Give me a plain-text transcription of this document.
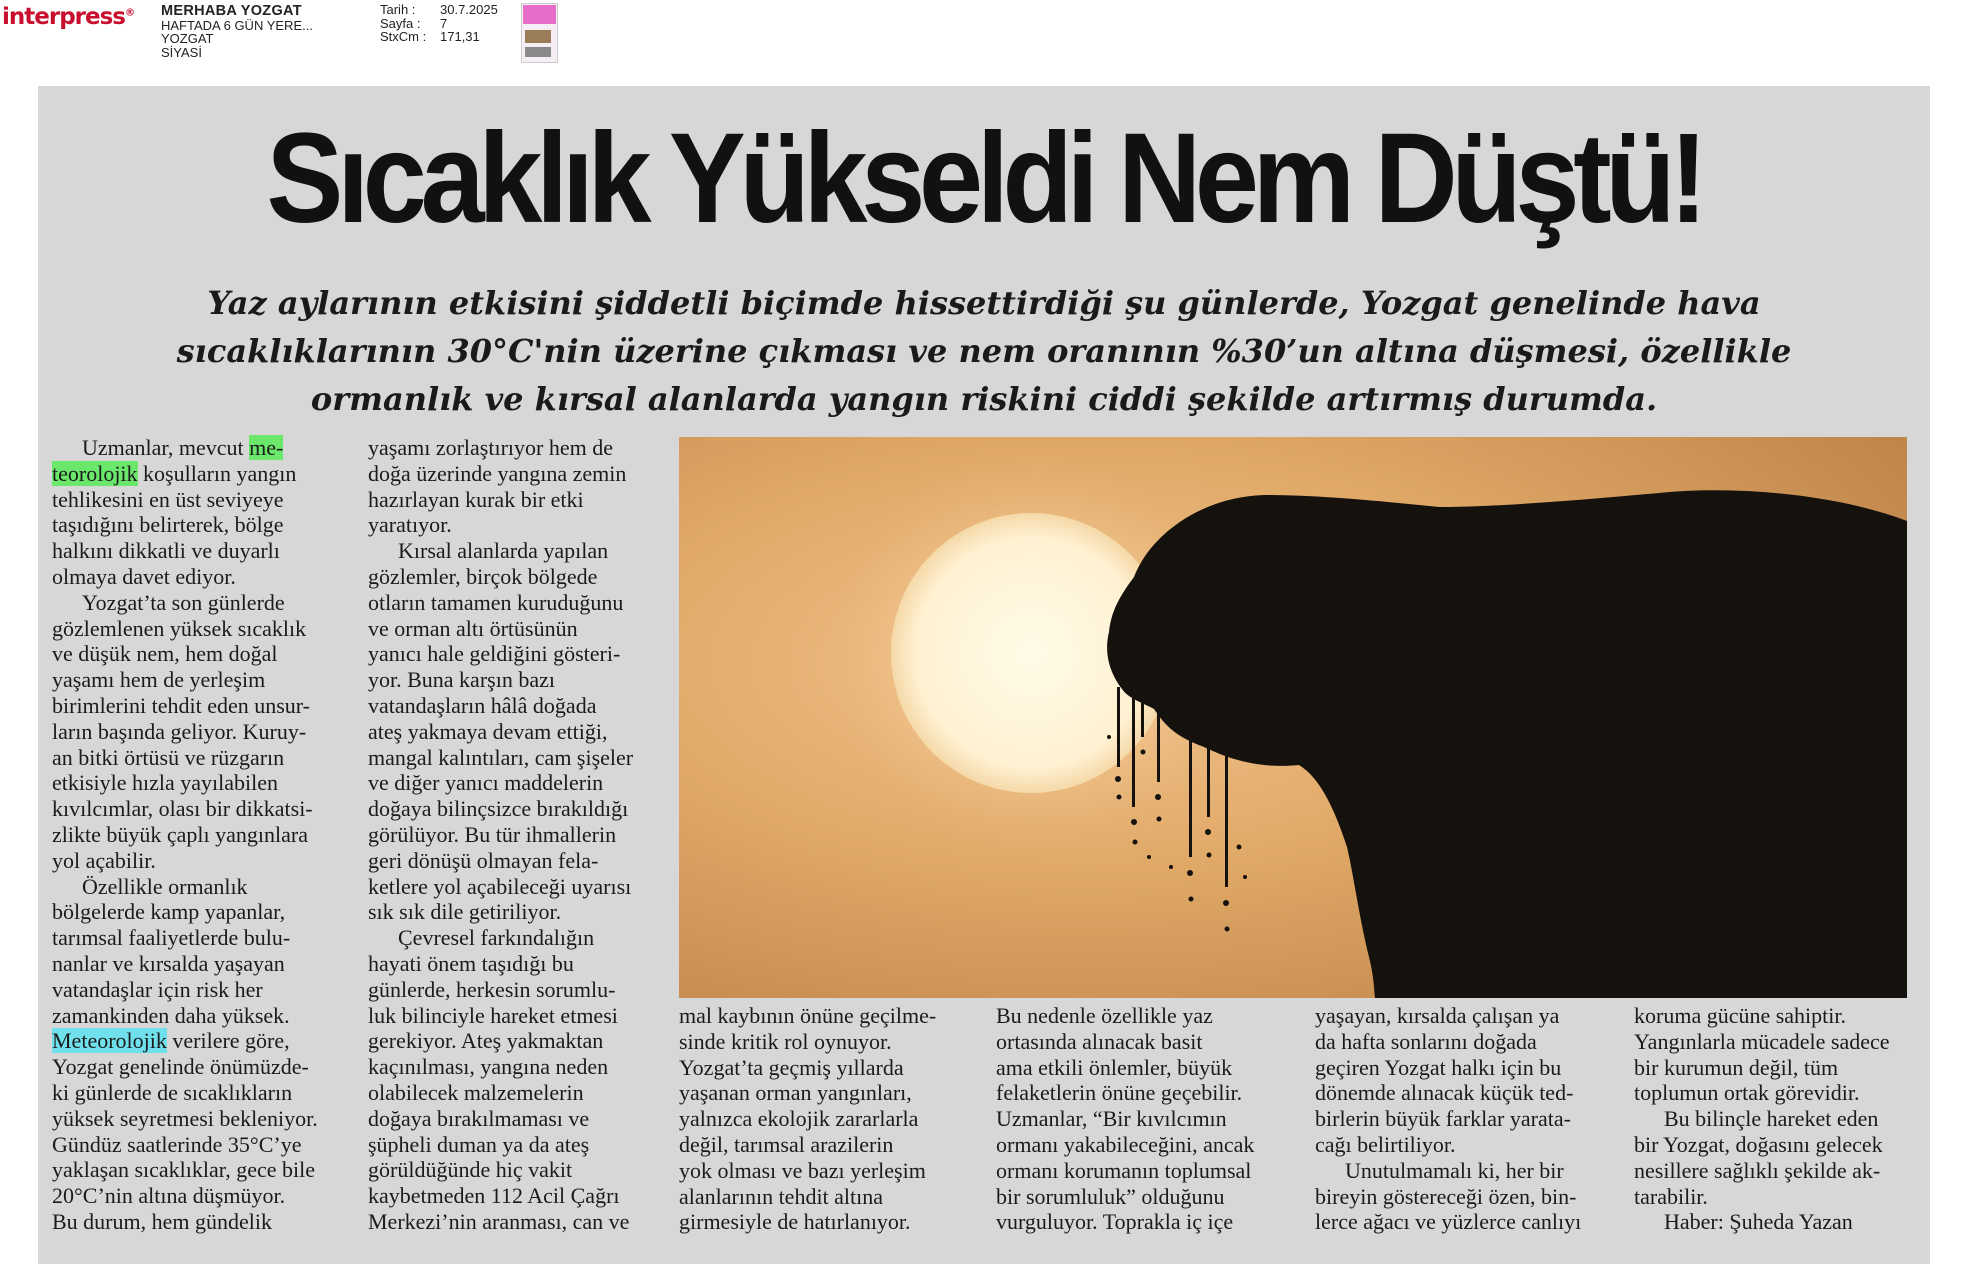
interpress® MERHABA YOZGAT
HAFTADA 6 GÜN YERE...
YOZGAT
SİYASİ
Tarih :	30.7.2025
Sayfa :	7
StxCm :	171,31
Sıcaklık Yükseldi Nem Düştü!
Yaz aylarının etkisini şiddetli biçimde hissettirdiği şu günlerde, Yozgat genelinde hava
sıcaklıklarının 30°C'nin üzerine çıkması ve nem oranının %30’un altına düşmesi, özellikle
ormanlık ve kırsal alanlarda yangın riskini ciddi şekilde artırmış durumda.
Uzmanlar, mevcut me-
teorolojik koşulların yangın
tehlikesini en üst seviyeye
taşıdığını belirterek, bölge
halkını dikkatli ve duyarlı
olmaya davet ediyor.
Yozgat’ta son günlerde
gözlemlenen yüksek sıcaklık
ve düşük nem, hem doğal
yaşamı hem de yerleşim
birimlerini tehdit eden unsur-
ların başında geliyor. Kuruy-
an bitki örtüsü ve rüzgarın
etkisiyle hızla yayılabilen
kıvılcımlar, olası bir dikkatsi-
zlikte büyük çaplı yangınlara
yol açabilir.
Özellikle ormanlık
bölgelerde kamp yapanlar,
tarımsal faaliyetlerde bulu-
nanlar ve kırsalda yaşayan
vatandaşlar için risk her
zamankinden daha yüksek.
Meteorolojik verilere göre,
Yozgat genelinde önümüzde-
ki günlerde de sıcaklıkların
yüksek seyretmesi bekleniyor.
Gündüz saatlerinde 35°C’ye
yaklaşan sıcaklıklar, gece bile
20°C’nin altına düşmüyor.
Bu durum, hem gündelik
yaşamı zorlaştırıyor hem de
doğa üzerinde yangına zemin
hazırlayan kurak bir etki
yaratıyor.
Kırsal alanlarda yapılan
gözlemler, birçok bölgede
otların tamamen kuruduğunu
ve orman altı örtüsünün
yanıcı hale geldiğini gösteri-
yor. Buna karşın bazı
vatandaşların hâlâ doğada
ateş yakmaya devam ettiği,
mangal kalıntıları, cam şişeler
ve diğer yanıcı maddelerin
doğaya bilinçsizce bırakıldığı
görülüyor. Bu tür ihmallerin
geri dönüşü olmayan fela-
ketlere yol açabileceği uyarısı
sık sık dile getiriliyor.
Çevresel farkındalığın
hayati önem taşıdığı bu
günlerde, herkesin sorumlu-
luk bilinciyle hareket etmesi
gerekiyor. Ateş yakmaktan
kaçınılması, yangına neden
olabilecek malzemelerin
doğaya bırakılmaması ve
şüpheli duman ya da ateş
görüldüğünde hiç vakit
kaybetmeden 112 Acil Çağrı
Merkezi’nin aranması, can ve
mal kaybının önüne geçilme-
sinde kritik rol oynuyor.
Yozgat’ta geçmiş yıllarda
yaşanan orman yangınları,
yalnızca ekolojik zararlarla
değil, tarımsal arazilerin
yok olması ve bazı yerleşim
alanlarının tehdit altına
girmesiyle de hatırlanıyor.
Bu nedenle özellikle yaz
ortasında alınacak basit
ama etkili önlemler, büyük
felaketlerin önüne geçebilir.
Uzmanlar, “Bir kıvılcımın
ormanı yakabileceğini, ancak
ormanı korumanın toplumsal
bir sorumluluk” olduğunu
vurguluyor. Toprakla iç içe
yaşayan, kırsalda çalışan ya
da hafta sonlarını doğada
geçiren Yozgat halkı için bu
dönemde alınacak küçük ted-
birlerin büyük farklar yarata-
cağı belirtiliyor.
Unutulmamalı ki, her bir
bireyin göstereceği özen, bin-
lerce ağacı ve yüzlerce canlıyı
koruma gücüne sahiptir.
Yangınlarla mücadele sadece
bir kurumun değil, tüm
toplumun ortak görevidir.
Bu bilinçle hareket eden
bir Yozgat, doğasını gelecek
nesillere sağlıklı şekilde ak-
tarabilir.
Haber: Şuheda Yazan
